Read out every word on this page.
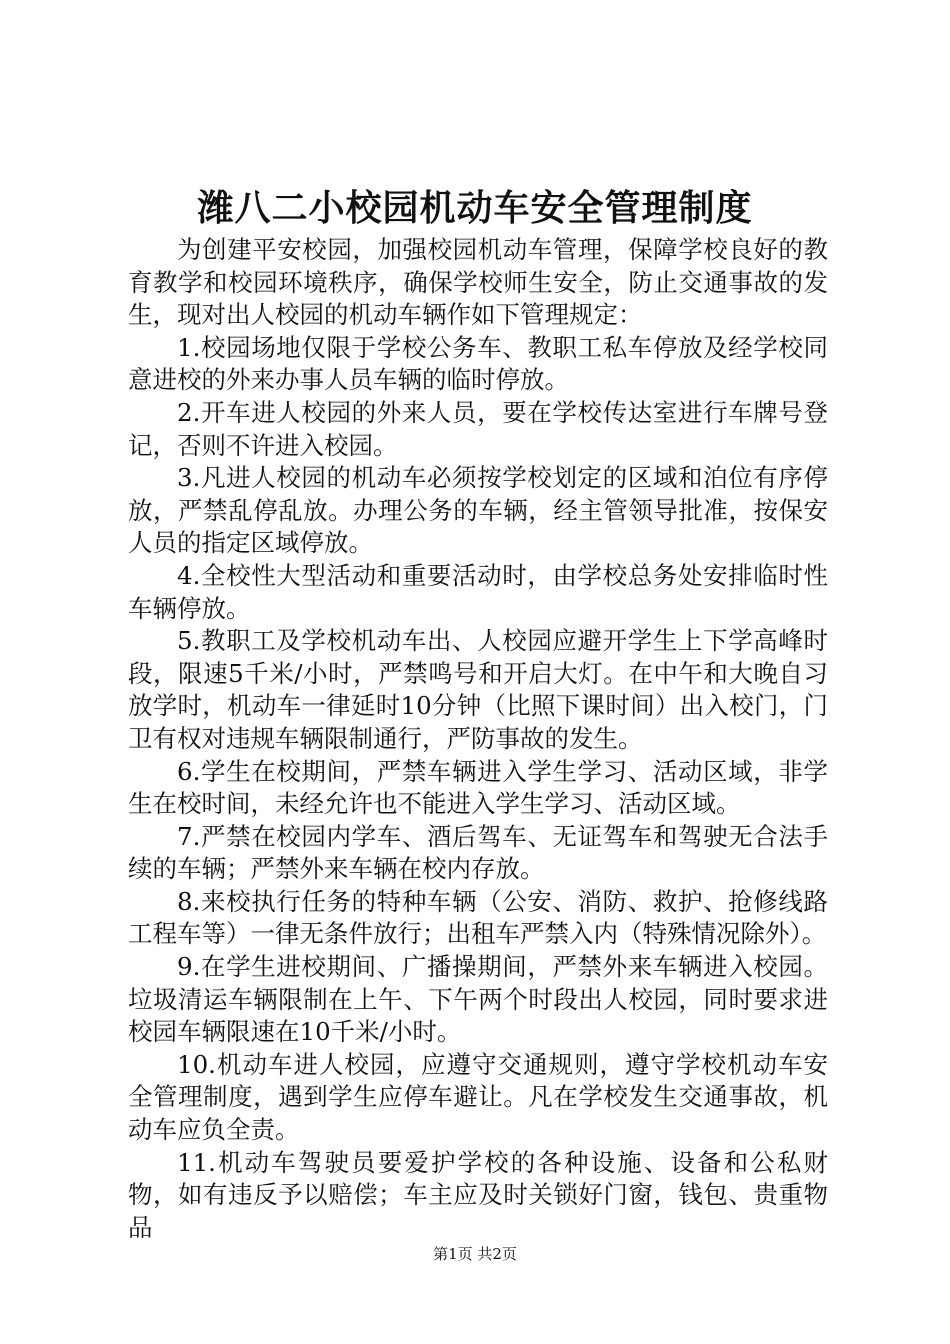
潍八二小校园机动车安全管理制度

为创建平安校园，加强校园机动车管理，保障学校良好的教育教学和校园环境秩序，确保学校师生安全，防止交通事故的发生，现对出人校园的机动车辆作如下管理规定：

1.校园场地仅限于学校公务车、教职工私车停放及经学校同意进校的外来办事人员车辆的临时停放。

2.开车进人校园的外来人员，要在学校传达室进行车牌号登记，否则不许进入校园。

3.凡进人校园的机动车必须按学校划定的区域和泊位有序停放，严禁乱停乱放。办理公务的车辆，经主管领导批准，按保安人员的指定区域停放。

4.全校性大型活动和重要活动时，由学校总务处安排临时性车辆停放。

5.教职工及学校机动车出、人校园应避开学生上下学高峰时段，限速5千米/小时，严禁鸣号和开启大灯。在中午和大晚自习放学时，机动车一律延时10分钟（比照下课时间）出入校门，门卫有权对违规车辆限制通行，严防事故的发生。

6.学生在校期间，严禁车辆进入学生学习、活动区域，非学生在校时间，未经允许也不能进入学生学习、活动区域。

7.严禁在校园内学车、酒后驾车、无证驾车和驾驶无合法手续的车辆；严禁外来车辆在校内存放。

8.来校执行任务的特种车辆（公安、消防、救护、抢修线路工程车等）一律无条件放行；出租车严禁入内（特殊情况除外）。

9.在学生进校期间、广播操期间，严禁外来车辆进入校园。垃圾清运车辆限制在上午、下午两个时段出人校园，同时要求进校园车辆限速在10千米/小时。

10.机动车进人校园，应遵守交通规则，遵守学校机动车安全管理制度，遇到学生应停车避让。凡在学校发生交通事故，机动车应负全责。

11.机动车驾驶员要爱护学校的各种设施、设备和公私财物，如有违反予以赔偿；车主应及时关锁好门窗，钱包、贵重物品

第1页 共2页
